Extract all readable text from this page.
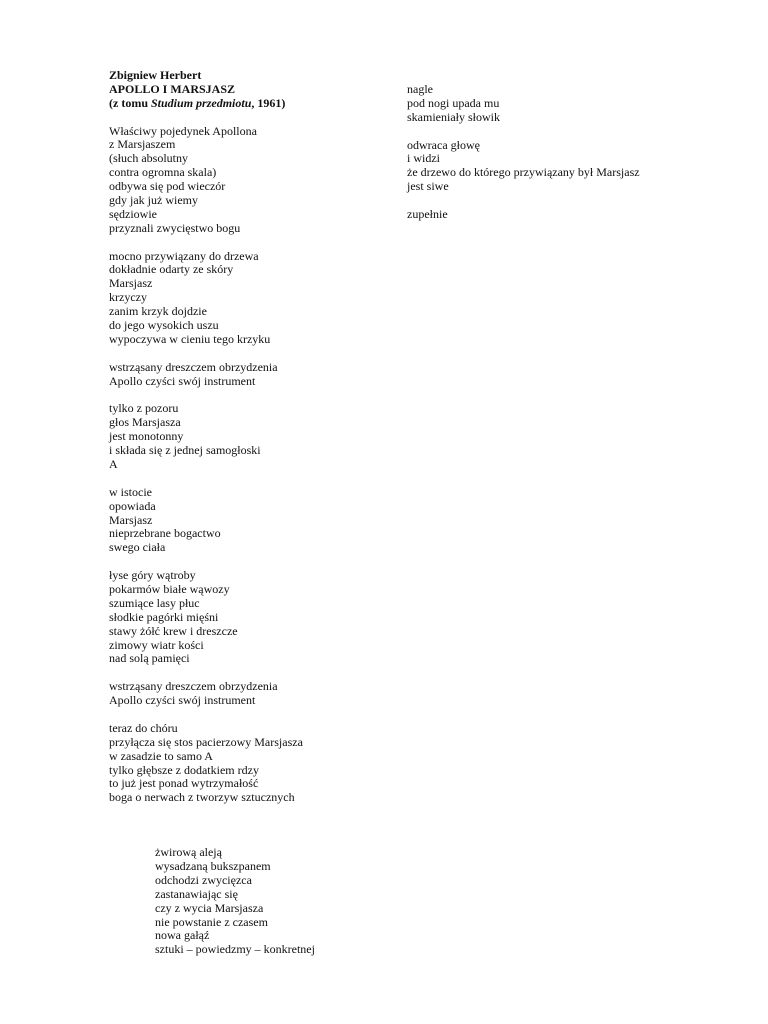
Zbigniew Herbert
APOLLO I MARSJASZ
(z tomu Studium przedmiotu, 1961)
Właściwy pojedynek Apollona
z Marsjaszem
(słuch absolutny
contra ogromna skala)
odbywa się pod wieczór
gdy jak już wiemy
sędziowie
przyznali zwycięstwo bogu
mocno przywiązany do drzewa
dokładnie odarty ze skóry
Marsjasz
krzyczy
zanim krzyk dojdzie
do jego wysokich uszu
wypoczywa w cieniu tego krzyku
wstrząsany dreszczem obrzydzenia
Apollo czyści swój instrument
tylko z pozoru
głos Marsjasza
jest monotonny
i składa się z jednej samogłoski
A
w istocie
opowiada
Marsjasz
nieprzebrane bogactwo
swego ciała
łyse góry wątroby
pokarmów białe wąwozy
szumiące lasy płuc
słodkie pagórki mięśni
stawy żółć krew i dreszcze
zimowy wiatr kości
nad solą pamięci
wstrząsany dreszczem obrzydzenia
Apollo czyści swój instrument
teraz do chóru
przyłącza się stos pacierzowy Marsjasza
w zasadzie to samo A
tylko głębsze z dodatkiem rdzy
to już jest ponad wytrzymałość
boga o nerwach z tworzyw sztucznych
żwirową aleją
wysadzaną bukszpanem
odchodzi zwycięzca
zastanawiając się
czy z wycia Marsjasza
nie powstanie z czasem
nowa gałąź
sztuki – powiedzmy – konkretnej
nagle
pod nogi upada mu
skamieniały słowik
odwraca głowę
i widzi
że drzewo do którego przywiązany był Marsjasz
jest siwe
zupełnie
